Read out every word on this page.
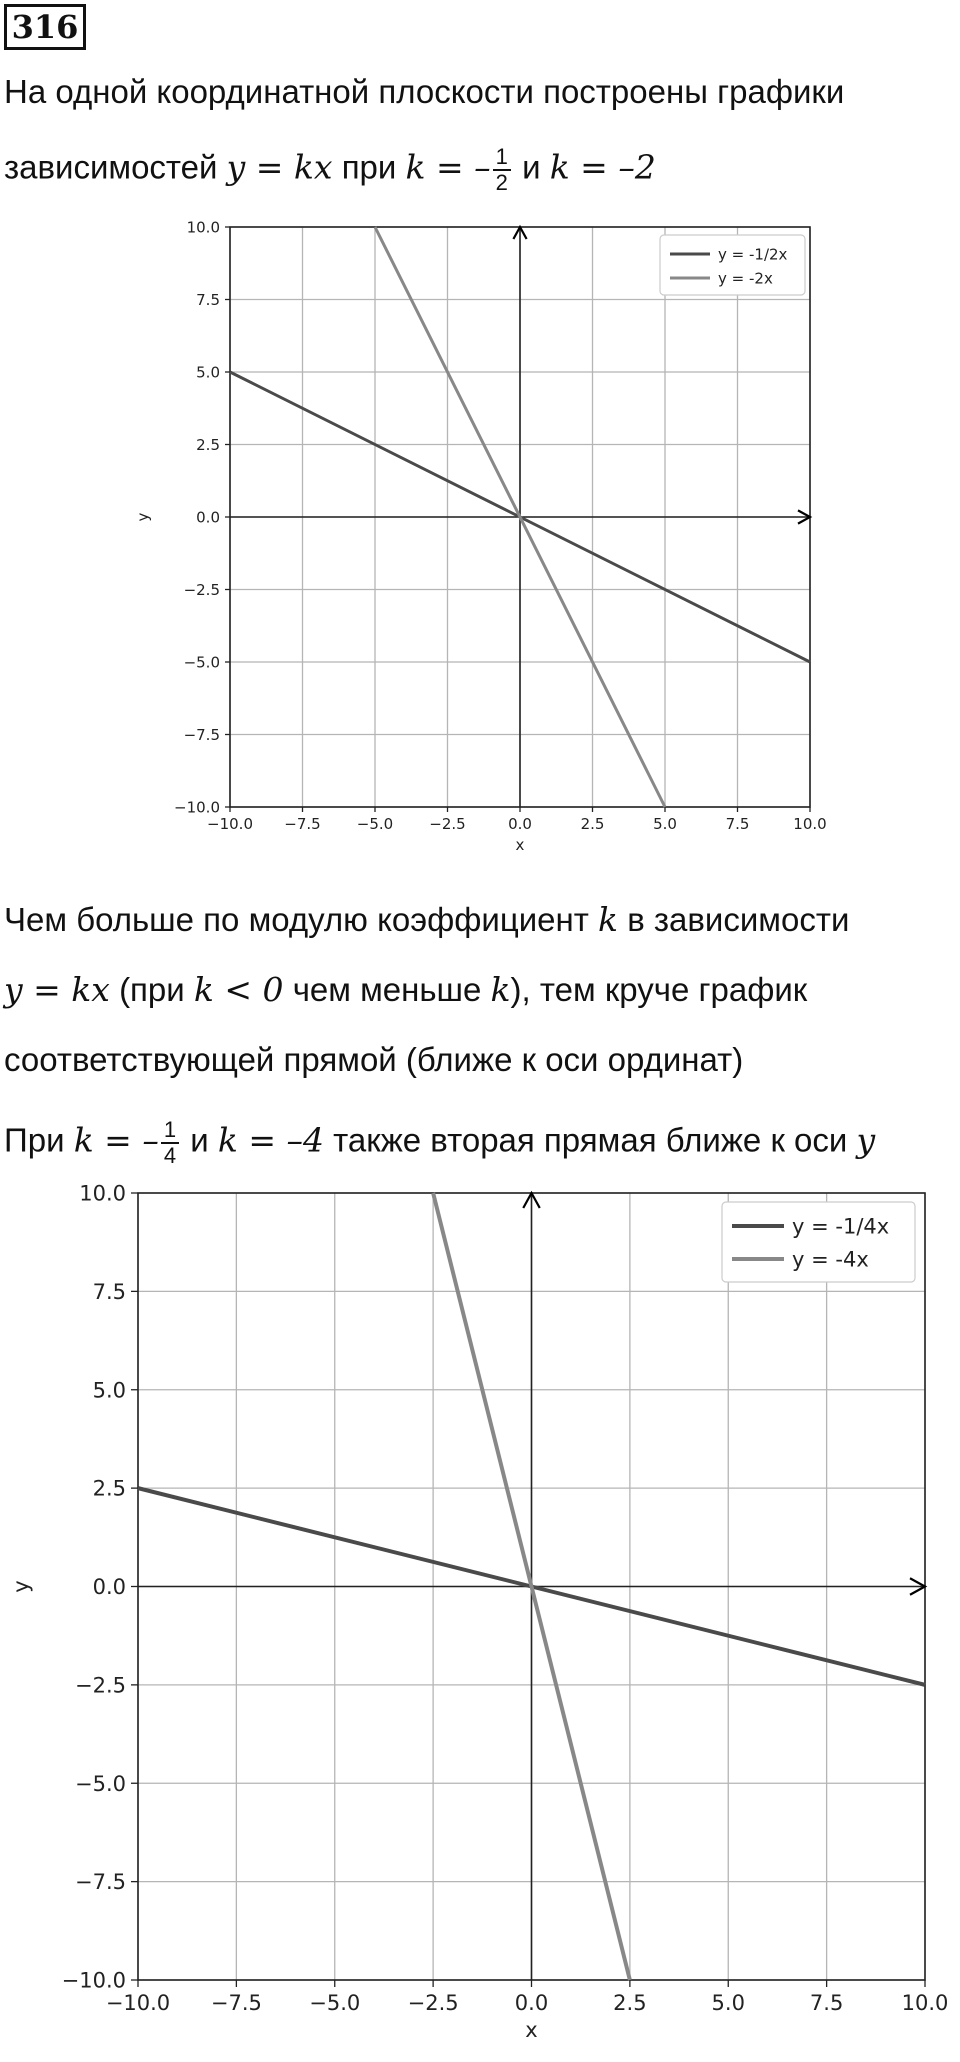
316
На одной координатной плоскости построены графики
зависимостей y = kx при k = – $\frac{1}{2}$ и k = –2
−10.0
−10.0
−7.5
−7.5
−5.0
−5.0
−2.5
−2.5
0.0
0.0
2.5
2.5
5.0
5.0
7.5
7.5
10.0
10.0
x
y
y = -1/2x
y = -2x
Чем больше по модулю коэффициент k в зависимости
y = kx (при k < 0 чем меньше k), тем круче график
соответствующей прямой (ближе к оси ординат)
При k = – $\frac{1}{4}$ и k = –4 также вторая прямая ближе к оси y
−10.0
−10.0
−7.5
−7.5
−5.0
−5.0
−2.5
−2.5
0.0
0.0
2.5
2.5
5.0
5.0
7.5
7.5
10.0
10.0
x
y
y = -1/4x
y = -4x
